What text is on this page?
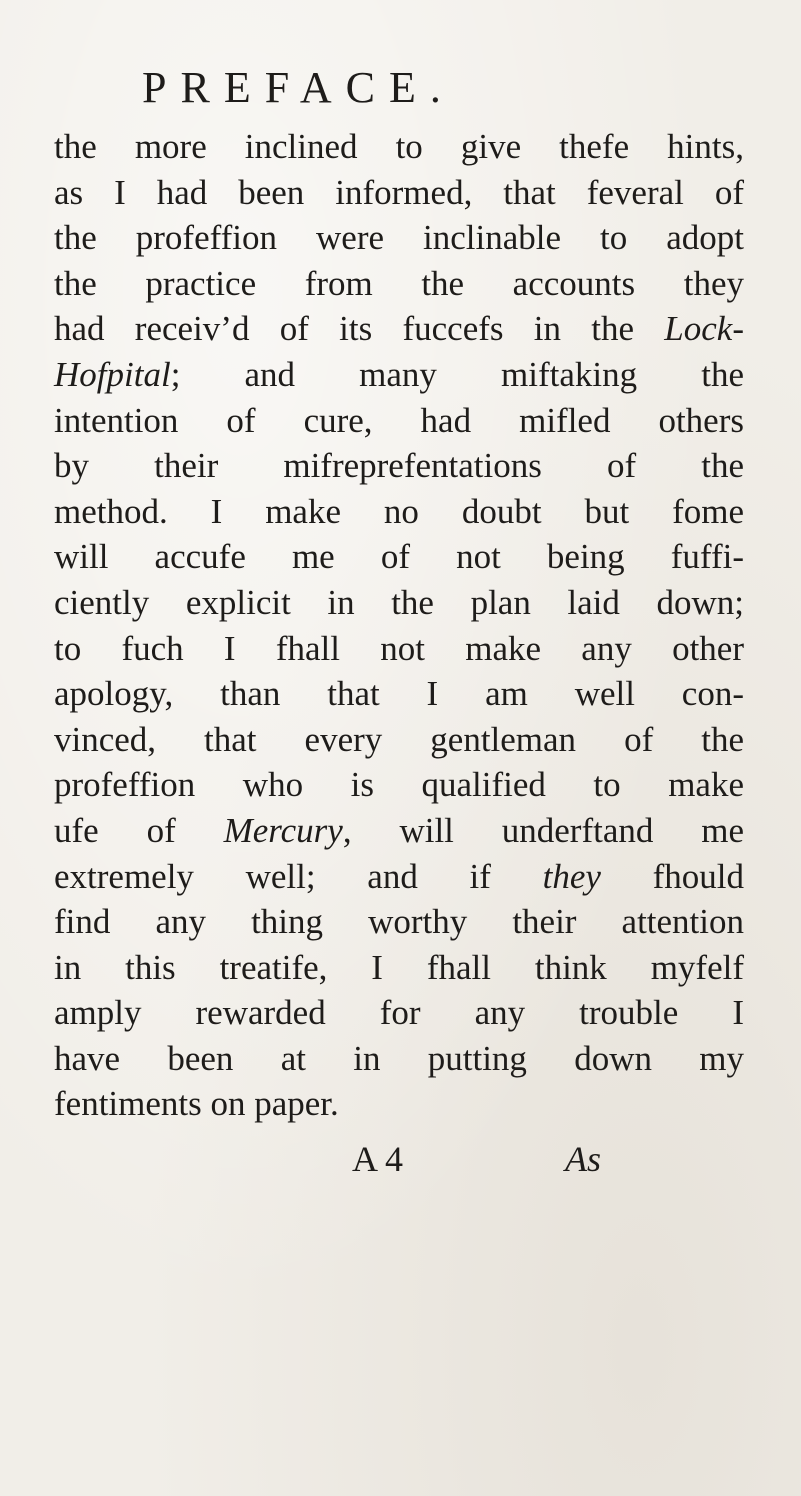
PREFACE.
the more inclined to give thefe hints,
as I had been informed, that feveral of
the profeffion were inclinable to adopt
the practice from the accounts they
had receiv’d of its fuccefs in the Lock-
Hofpital; and many miftaking the
intention of cure, had mifled others
by their mifreprefentations of the
method. I make no doubt but fome
will accufe me of not being fuffi-
ciently explicit in the plan laid down;
to fuch I fhall not make any other
apology, than that I am well con-
vinced, that every gentleman of the
profeffion who is qualified to make
ufe of Mercury, will underftand me
extremely well; and if they fhould
find any thing worthy their attention
in this treatife, I fhall think myfelf
amply rewarded for any trouble I
have been at in putting down my
fentiments on paper.
A 4	As
